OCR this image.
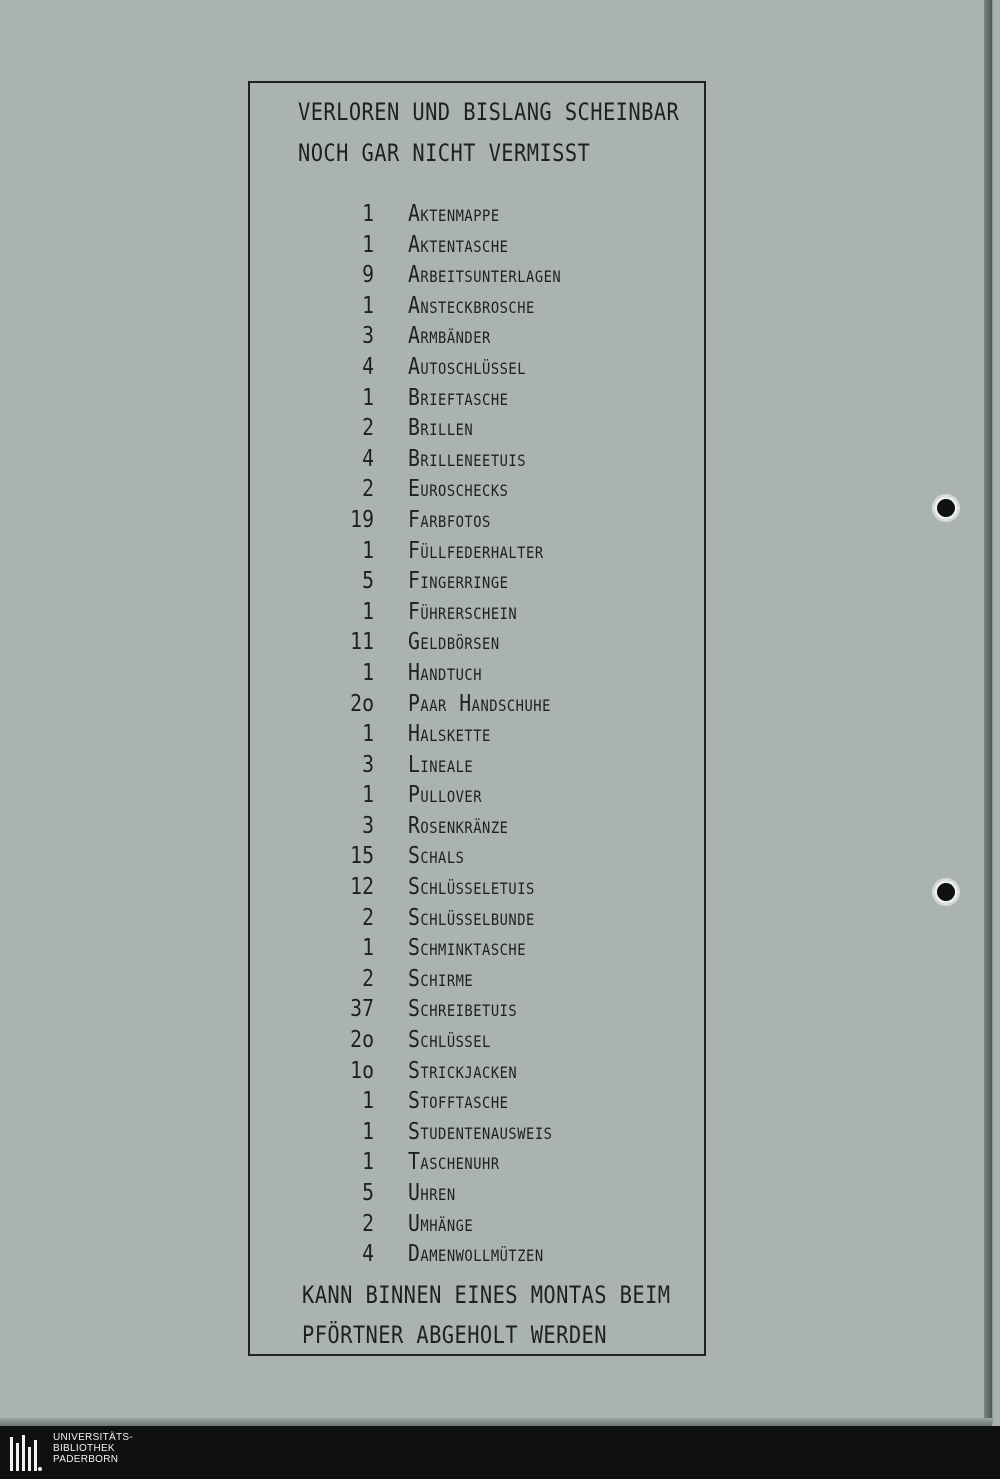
VERLOREN UND BISLANG SCHEINBAR
NOCH GAR NICHT VERMISST
1 Aktenmappe
1 Aktentasche
9 Arbeitsunterlagen
1 Ansteckbrosche
3 Armbänder
4 Autoschlüssel
1 Brieftasche
2 Brillen
4 Brilleneetuis
2 Euroschecks
19 Farbfotos
1 Füllfederhalter
5 Fingerringe
1 Führerschein
11 Geldbörsen
1 Handtuch
2o Paar Handschuhe
1 Halskette
3 Lineale
1 Pullover
3 Rosenkränze
15 Schals
12 Schlüsseletuis
2 Schlüsselbunde
1 Schminktasche
2 Schirme
37 Schreibetuis
2o Schlüssel
1o Strickjacken
1 Stofftasche
1 Studentenausweis
1 Taschenuhr
5 Uhren
2 Umhänge
4 Damenwollmützen
KANN BINNEN EINES MONTAS BEIM
PFÖRTNER ABGEHOLT WERDEN
UNIVERSITÄTS-
BIBLIOTHEK
PADERBORN
